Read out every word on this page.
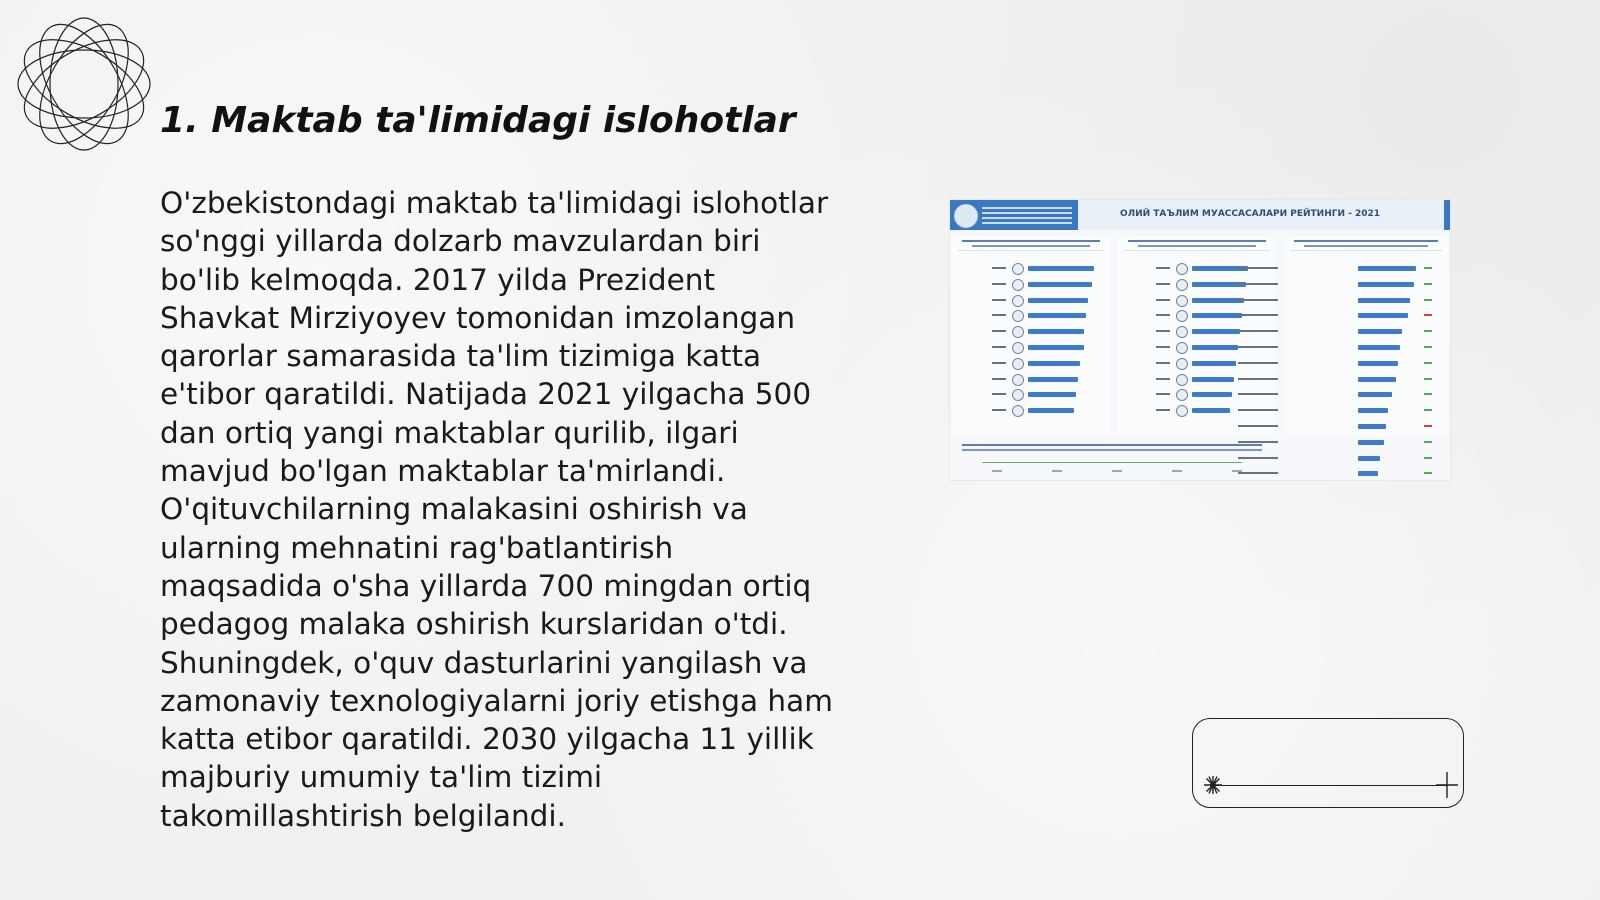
1. Maktab ta'limidagi islohotlar

O'zbekistondagi maktab ta'limidagi islohotlar
so'nggi yillarda dolzarb mavzulardan biri
bo'lib kelmoqda. 2017 yilda Prezident
Shavkat Mirziyoyev tomonidan imzolangan
qarorlar samarasida ta'lim tizimiga katta
e'tibor qaratildi. Natijada 2021 yilgacha 500
dan ortiq yangi maktablar qurilib, ilgari
mavjud bo'lgan maktablar ta'mirlandi.
O'qituvchilarning malakasini oshirish va
ularning mehnatini rag'batlantirish
maqsadida o'sha yillarda 700 mingdan ortiq
pedagog malaka oshirish kurslaridan o'tdi.
Shuningdek, o'quv dasturlarini yangilash va
zamonaviy texnologiyalarni joriy etishga ham
katta etibor qaratildi. 2030 yilgacha 11 yillik
majburiy umumiy ta'lim tizimi
takomillashtirish belgilandi.

ОЛИЙ ТАЪЛИМ МУАССАСАЛАРИ РЕЙТИНГИ - 2021
